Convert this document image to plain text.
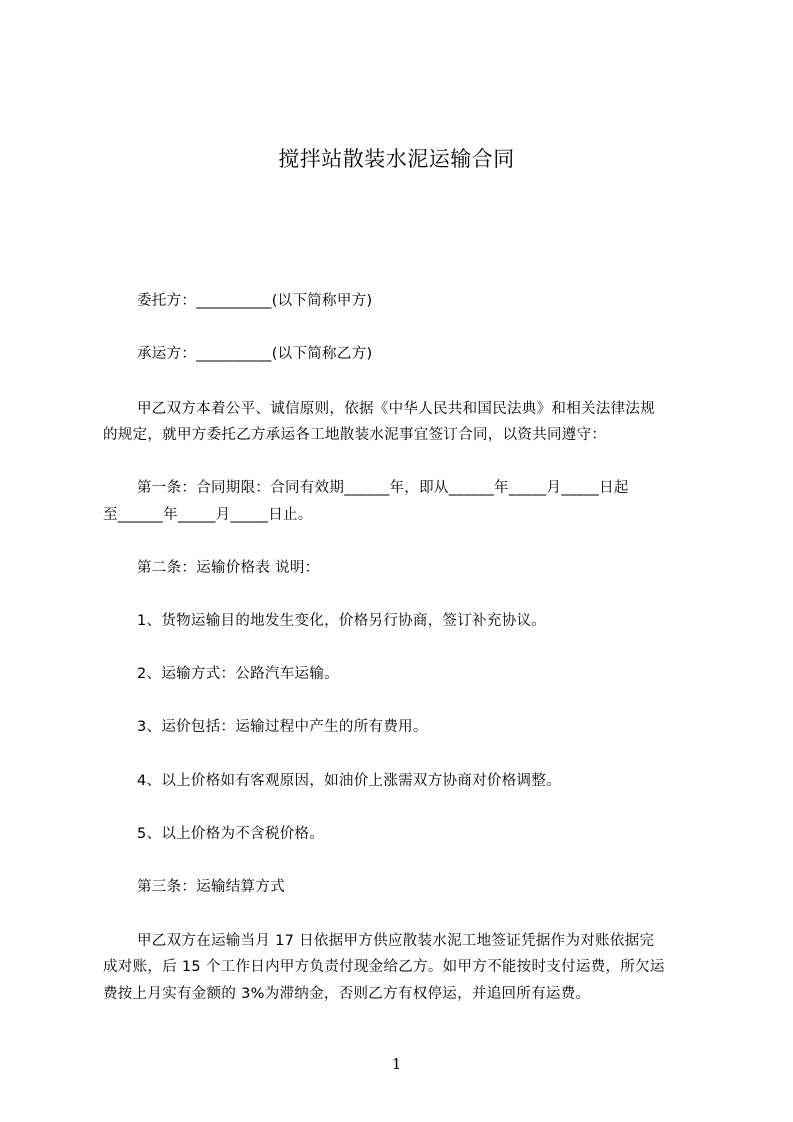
搅拌站散装水泥运输合同
委托方：__________(以下简称甲方)
承运方：__________(以下简称乙方)
甲乙双方本着公平、诚信原则，依据《中华人民共和国民法典》和相关法律法规
的规定，就甲方委托乙方承运各工地散装水泥事宜签订合同，以资共同遵守：
第一条：合同期限：合同有效期______年，即从______年_____月_____日起
至______年_____月_____日止。
第二条：运输价格表 说明：
1、货物运输目的地发生变化，价格另行协商，签订补充协议。
2、运输方式：公路汽车运输。
3、运价包括：运输过程中产生的所有费用。
4、以上价格如有客观原因，如油价上涨需双方协商对价格调整。
5、以上价格为不含税价格。
第三条：运输结算方式
甲乙双方在运输当月 17 日依据甲方供应散装水泥工地签证凭据作为对账依据完
成对账，后 15 个工作日内甲方负责付现金给乙方。如甲方不能按时支付运费，所欠运
费按上月实有金额的 3%为滞纳金，否则乙方有权停运，并追回所有运费。
1
